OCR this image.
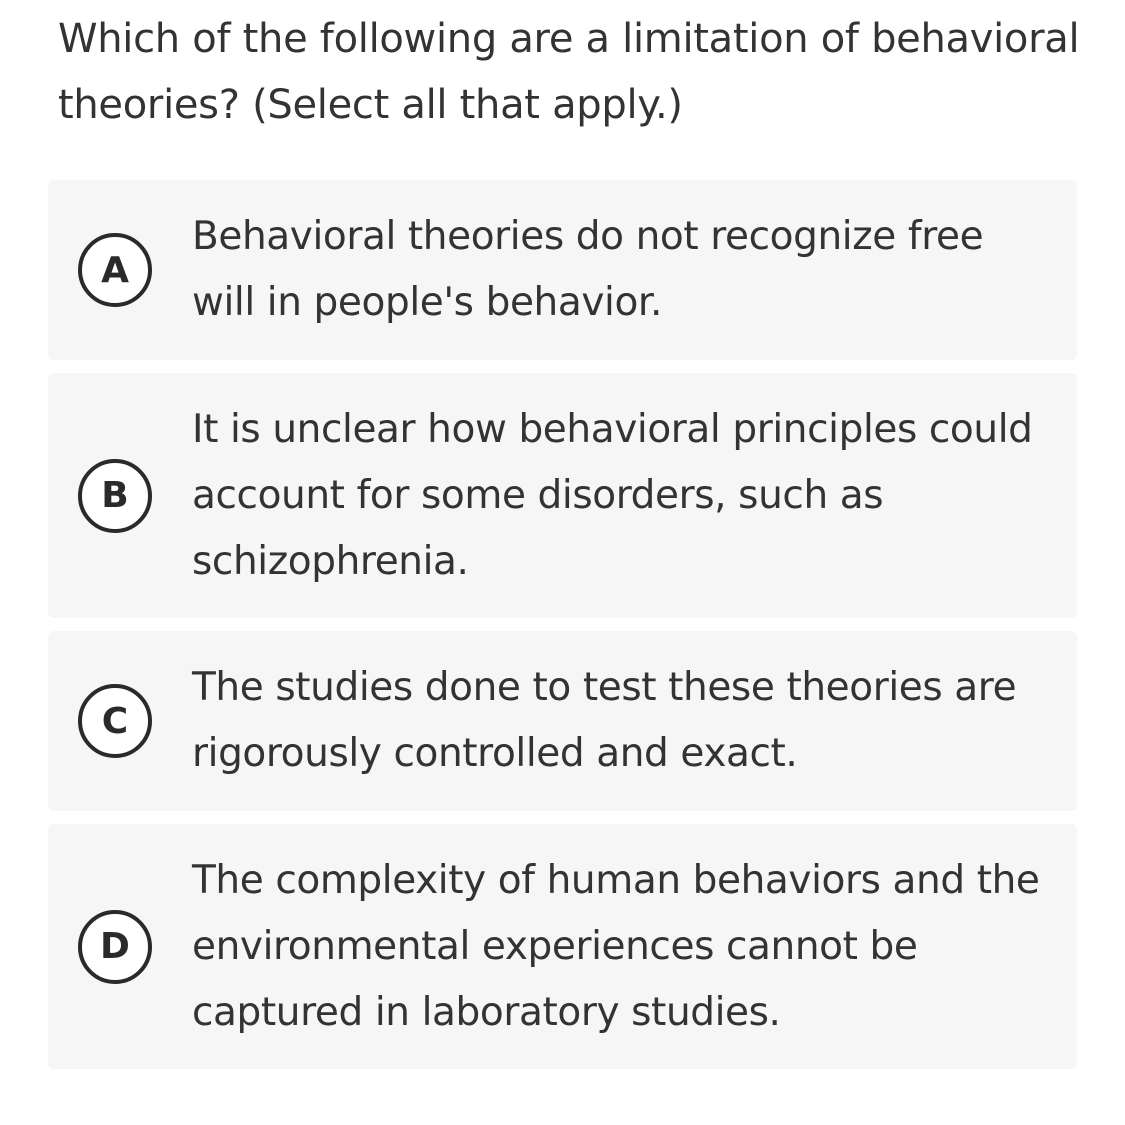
Which of the following are a limitation of behavioral theories? (Select all that apply.)

A
Behavioral theories do not recognize free will in people's behavior.
B
It is unclear how behavioral principles could account for some disorders, such as schizophrenia.
C
The studies done to test these theories are rigorously controlled and exact.
D
The complexity of human behaviors and the environmental experiences cannot be captured in laboratory studies.
